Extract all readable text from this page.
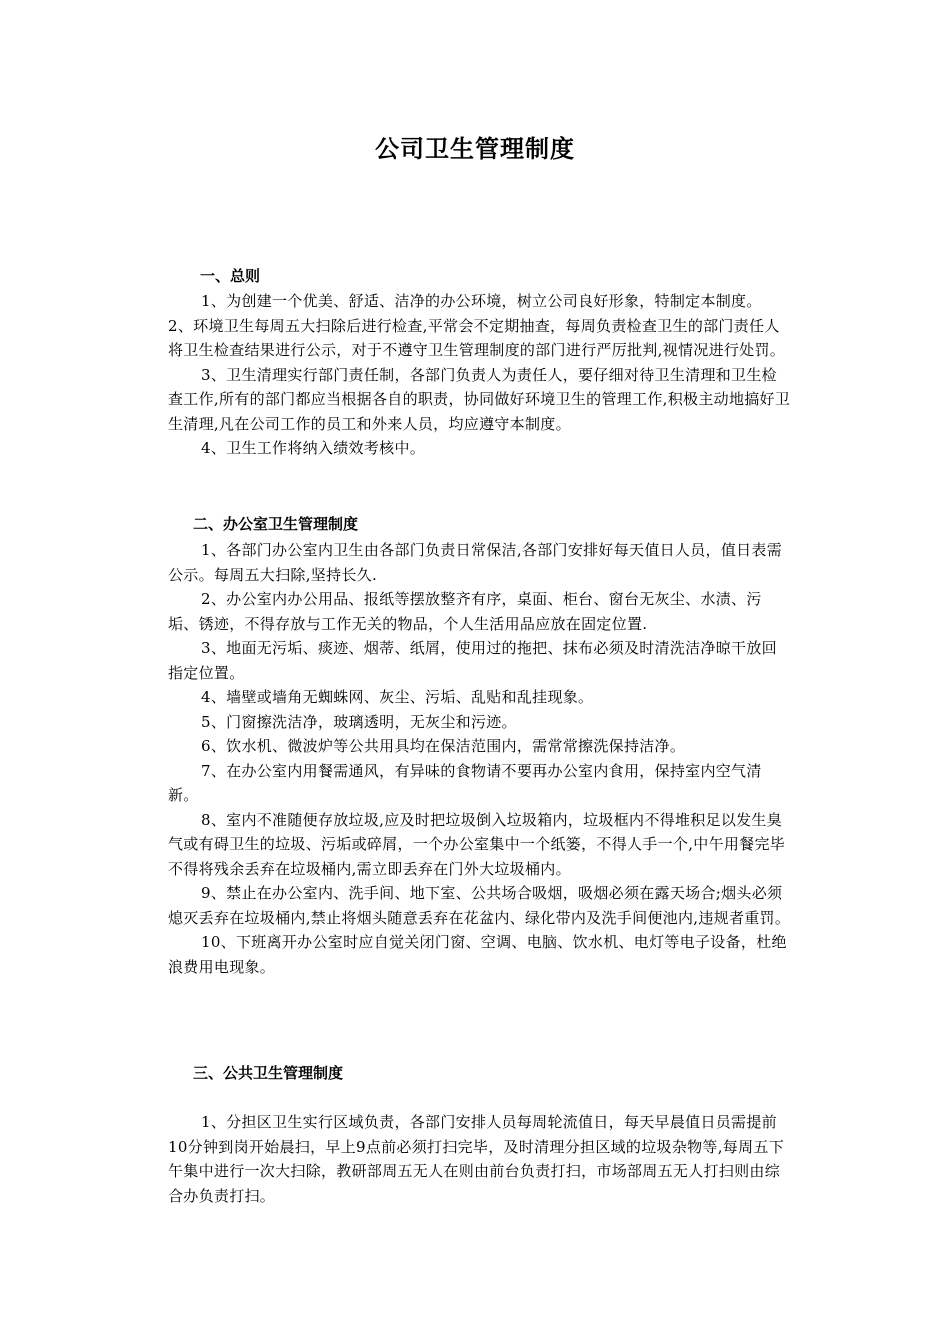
公司卫生管理制度
一、总则

1、为创建一个优美、舒适、洁净的办公环境，树立公司良好形象，特制定本制度。　　2、环境卫生每周五大扫除后进行检查,平常会不定期抽查，每周负责检查卫生的部门责任人将卫生检查结果进行公示，对于不遵守卫生管理制度的部门进行严厉批判,视情况进行处罚。

3、卫生清理实行部门责任制，各部门负责人为责任人，要仔细对待卫生清理和卫生检查工作,所有的部门都应当根据各自的职责，协同做好环境卫生的管理工作,积极主动地搞好卫生清理,凡在公司工作的员工和外来人员，均应遵守本制度。

4、卫生工作将纳入绩效考核中。

二、办公室卫生管理制度

1、各部门办公室内卫生由各部门负责日常保洁,各部门安排好每天值日人员，值日表需公示。每周五大扫除,坚持长久.

2、办公室内办公用品、报纸等摆放整齐有序，桌面、柜台、窗台无灰尘、水渍、污垢、锈迹，不得存放与工作无关的物品，个人生活用品应放在固定位置.

3、地面无污垢、痰迹、烟蒂、纸屑，使用过的拖把、抹布必须及时清洗洁净晾干放回指定位置。

4、墙壁或墙角无蜘蛛网、灰尘、污垢、乱贴和乱挂现象。

5、门窗擦洗洁净，玻璃透明，无灰尘和污迹。

6、饮水机、微波炉等公共用具均在保洁范围内，需常常擦洗保持洁净。

7、在办公室内用餐需通风，有异味的食物请不要再办公室内食用，保持室内空气清新。

8、室内不准随便存放垃圾,应及时把垃圾倒入垃圾箱内，垃圾框内不得堆积足以发生臭气或有碍卫生的垃圾、污垢或碎屑，一个办公室集中一个纸篓，不得人手一个,中午用餐完毕不得将残余丢弃在垃圾桶内,需立即丢弃在门外大垃圾桶内。

9、禁止在办公室内、洗手间、地下室、公共场合吸烟，吸烟必须在露天场合;烟头必须熄灭丢弃在垃圾桶内,禁止将烟头随意丢弃在花盆内、绿化带内及洗手间便池内,违规者重罚。

10、下班离开办公室时应自觉关闭门窗、空调、电脑、饮水机、电灯等电子设备，杜绝浪费用电现象。

三、公共卫生管理制度

1、分担区卫生实行区域负责，各部门安排人员每周轮流值日，每天早晨值日员需提前10分钟到岗开始晨扫，早上9点前必须打扫完毕，及时清理分担区域的垃圾杂物等,每周五下午集中进行一次大扫除，教研部周五无人在则由前台负责打扫，市场部周五无人打扫则由综合办负责打扫。
